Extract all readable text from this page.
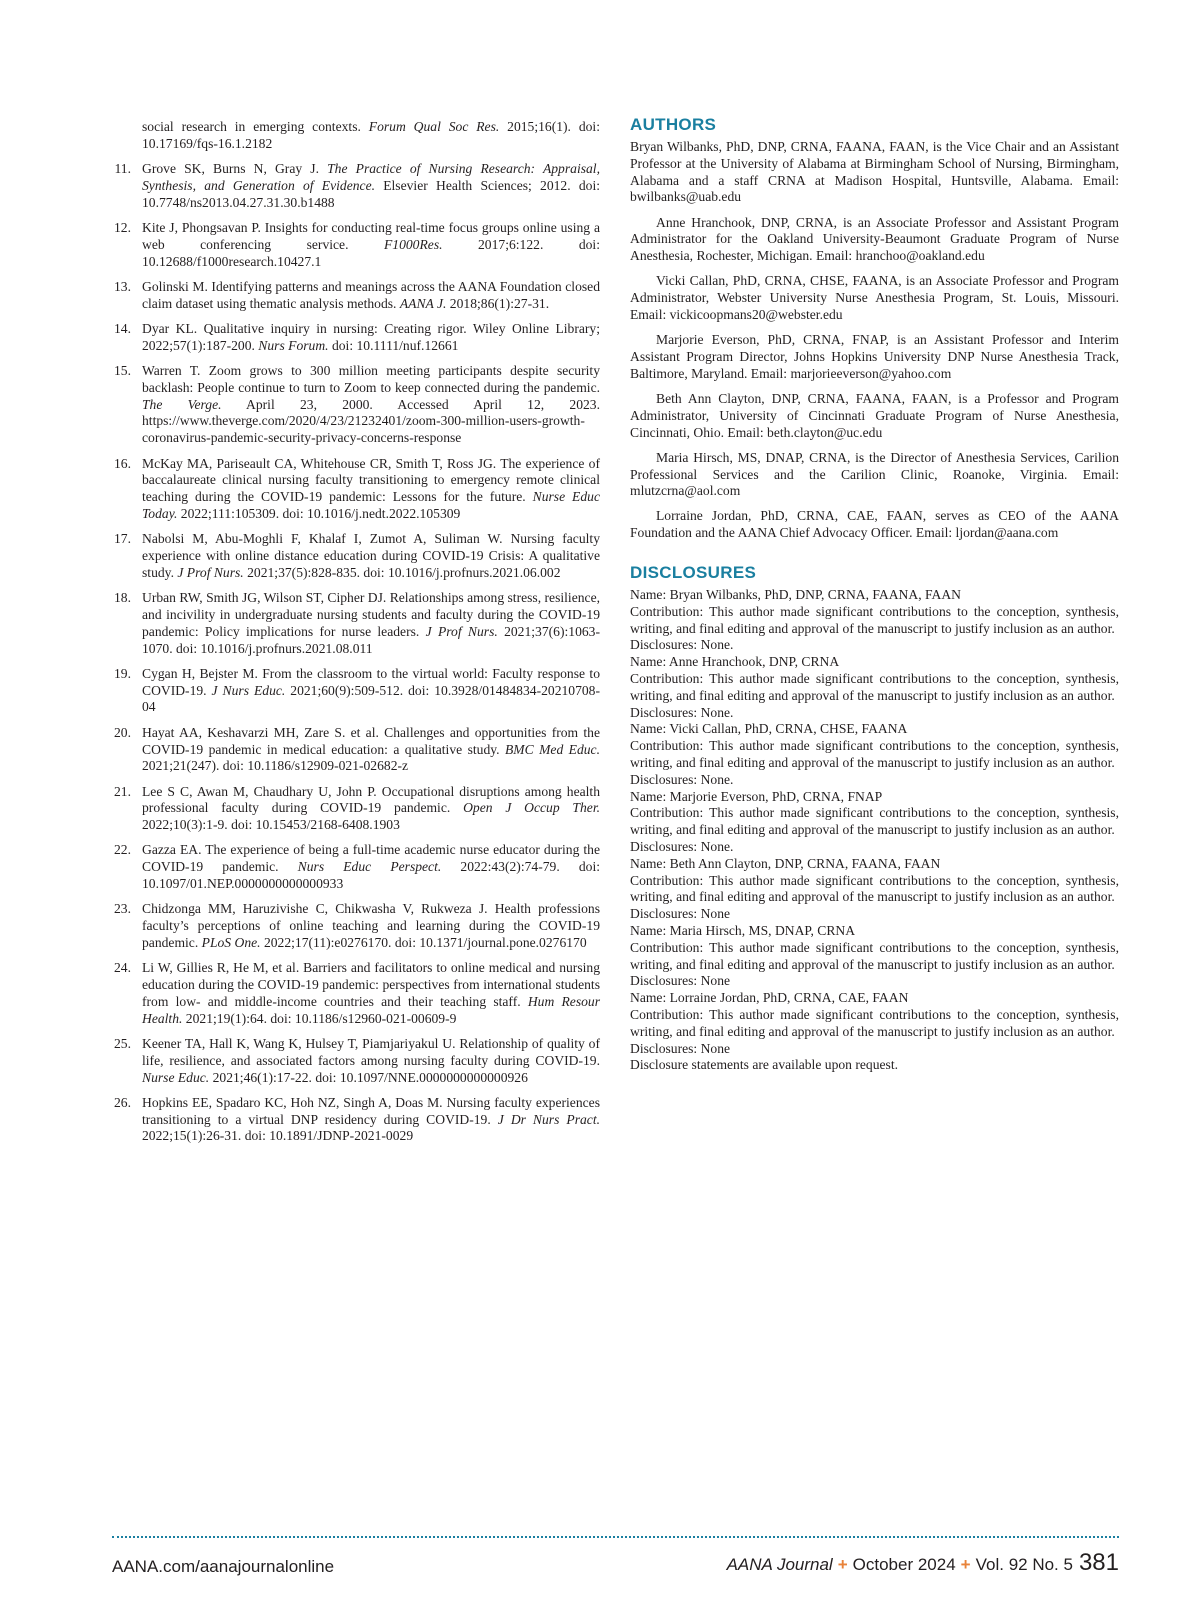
social research in emerging contexts. Forum Qual Soc Res. 2015;16(1). doi: 10.17169/fqs-16.1.2182
11. Grove SK, Burns N, Gray J. The Practice of Nursing Research: Appraisal, Synthesis, and Generation of Evidence. Elsevier Health Sciences; 2012. doi: 10.7748/ns2013.04.27.31.30.b1488
12. Kite J, Phongsavan P. Insights for conducting real-time focus groups online using a web conferencing service. F1000Res. 2017;6:122. doi: 10.12688/f1000research.10427.1
13. Golinski M. Identifying patterns and meanings across the AANA Foundation closed claim dataset using thematic analysis methods. AANA J. 2018;86(1):27-31.
14. Dyar KL. Qualitative inquiry in nursing: Creating rigor. Wiley Online Library; 2022;57(1):187-200. Nurs Forum. doi: 10.1111/nuf.12661
15. Warren T. Zoom grows to 300 million meeting participants despite security backlash: People continue to turn to Zoom to keep connected during the pandemic. The Verge. April 23, 2000. Accessed April 12, 2023. https://www.theverge.com/2020/4/23/21232401/zoom-300-million-users-growth-coronavirus-pandemic-security-privacy-concerns-response
16. McKay MA, Pariseault CA, Whitehouse CR, Smith T, Ross JG. The experience of baccalaureate clinical nursing faculty transitioning to emergency remote clinical teaching during the COVID-19 pandemic: Lessons for the future. Nurse Educ Today. 2022;111:105309. doi: 10.1016/j.nedt.2022.105309
17. Nabolsi M, Abu-Moghli F, Khalaf I, Zumot A, Suliman W. Nursing faculty experience with online distance education during COVID-19 Crisis: A qualitative study. J Prof Nurs. 2021;37(5):828-835. doi: 10.1016/j.profnurs.2021.06.002
18. Urban RW, Smith JG, Wilson ST, Cipher DJ. Relationships among stress, resilience, and incivility in undergraduate nursing students and faculty during the COVID-19 pandemic: Policy implications for nurse leaders. J Prof Nurs. 2021;37(6):1063-1070. doi: 10.1016/j.profnurs.2021.08.011
19. Cygan H, Bejster M. From the classroom to the virtual world: Faculty response to COVID-19. J Nurs Educ. 2021;60(9):509-512. doi: 10.3928/01484834-20210708-04
20. Hayat AA, Keshavarzi MH, Zare S. et al. Challenges and opportunities from the COVID-19 pandemic in medical education: a qualitative study. BMC Med Educ. 2021;21(247). doi: 10.1186/s12909-021-02682-z
21. Lee S C, Awan M, Chaudhary U, John P. Occupational disruptions among health professional faculty during COVID-19 pandemic. Open J Occup Ther. 2022;10(3):1-9. doi: 10.15453/2168-6408.1903
22. Gazza EA. The experience of being a full-time academic nurse educator during the COVID-19 pandemic. Nurs Educ Perspect. 2022:43(2):74-79. doi: 10.1097/01.NEP.0000000000000933
23. Chidzonga MM, Haruzivishe C, Chikwasha V, Rukweza J. Health professions faculty’s perceptions of online teaching and learning during the COVID-19 pandemic. PLoS One. 2022;17(11):e0276170. doi: 10.1371/journal.pone.0276170
24. Li W, Gillies R, He M, et al. Barriers and facilitators to online medical and nursing education during the COVID-19 pandemic: perspectives from international students from low- and middle-income countries and their teaching staff. Hum Resour Health. 2021;19(1):64. doi: 10.1186/s12960-021-00609-9
25. Keener TA, Hall K, Wang K, Hulsey T, Piamjariyakul U. Relationship of quality of life, resilience, and associated factors among nursing faculty during COVID-19. Nurse Educ. 2021;46(1):17-22. doi: 10.1097/NNE.0000000000000926
26. Hopkins EE, Spadaro KC, Hoh NZ, Singh A, Doas M. Nursing faculty experiences transitioning to a virtual DNP residency during COVID-19. J Dr Nurs Pract. 2022;15(1):26-31. doi: 10.1891/JDNP-2021-0029
AUTHORS

Bryan Wilbanks, PhD, DNP, CRNA, FAANA, FAAN, is the Vice Chair and an Assistant Professor at the University of Alabama at Birmingham School of Nursing, Birmingham, Alabama and a staff CRNA at Madison Hospital, Huntsville, Alabama. Email: bwilbanks@uab.edu

Anne Hranchook, DNP, CRNA, is an Associate Professor and Assistant Program Administrator for the Oakland University-Beaumont Graduate Program of Nurse Anesthesia, Rochester, Michigan. Email: hranchoo@oakland.edu

Vicki Callan, PhD, CRNA, CHSE, FAANA, is an Associate Professor and Program Administrator, Webster University Nurse Anesthesia Program, St. Louis, Missouri. Email: vickicoopmans20@webster.edu

Marjorie Everson, PhD, CRNA, FNAP, is an Assistant Professor and Interim Assistant Program Director, Johns Hopkins University DNP Nurse Anesthesia Track, Baltimore, Maryland. Email: marjorieeverson@yahoo.com

Beth Ann Clayton, DNP, CRNA, FAANA, FAAN, is a Professor and Program Administrator, University of Cincinnati Graduate Program of Nurse Anesthesia, Cincinnati, Ohio. Email: beth.clayton@uc.edu

Maria Hirsch, MS, DNAP, CRNA, is the Director of Anesthesia Services, Carilion Professional Services and the Carilion Clinic, Roanoke, Virginia. Email: mlutzcrna@aol.com

Lorraine Jordan, PhD, CRNA, CAE, FAAN, serves as CEO of the AANA Foundation and the AANA Chief Advocacy Officer. Email: ljordan@aana.com

DISCLOSURES
Name: Bryan Wilbanks, PhD, DNP, CRNA, FAANA, FAAN
Contribution: This author made significant contributions to the conception, synthesis, writing, and final editing and approval of the manuscript to justify inclusion as an author.
Disclosures: None.
Name: Anne Hranchook, DNP, CRNA
Contribution: This author made significant contributions to the conception, synthesis, writing, and final editing and approval of the manuscript to justify inclusion as an author.
Disclosures: None.
Name: Vicki Callan, PhD, CRNA, CHSE, FAANA
Contribution: This author made significant contributions to the conception, synthesis, writing, and final editing and approval of the manuscript to justify inclusion as an author.
Disclosures: None.
Name: Marjorie Everson, PhD, CRNA, FNAP
Contribution: This author made significant contributions to the conception, synthesis, writing, and final editing and approval of the manuscript to justify inclusion as an author.
Disclosures: None.
Name: Beth Ann Clayton, DNP, CRNA, FAANA, FAAN
Contribution: This author made significant contributions to the conception, synthesis, writing, and final editing and approval of the manuscript to justify inclusion as an author.
Disclosures: None
Name: Maria Hirsch, MS, DNAP, CRNA
Contribution: This author made significant contributions to the conception, synthesis, writing, and final editing and approval of the manuscript to justify inclusion as an author.
Disclosures: None
Name: Lorraine Jordan, PhD, CRNA, CAE, FAAN
Contribution: This author made significant contributions to the conception, synthesis, writing, and final editing and approval of the manuscript to justify inclusion as an author.
Disclosures: None
Disclosure statements are available upon request.
AANA.com/aanajournalonline	AANA Journal + October 2024 + Vol. 92 No. 5 381
